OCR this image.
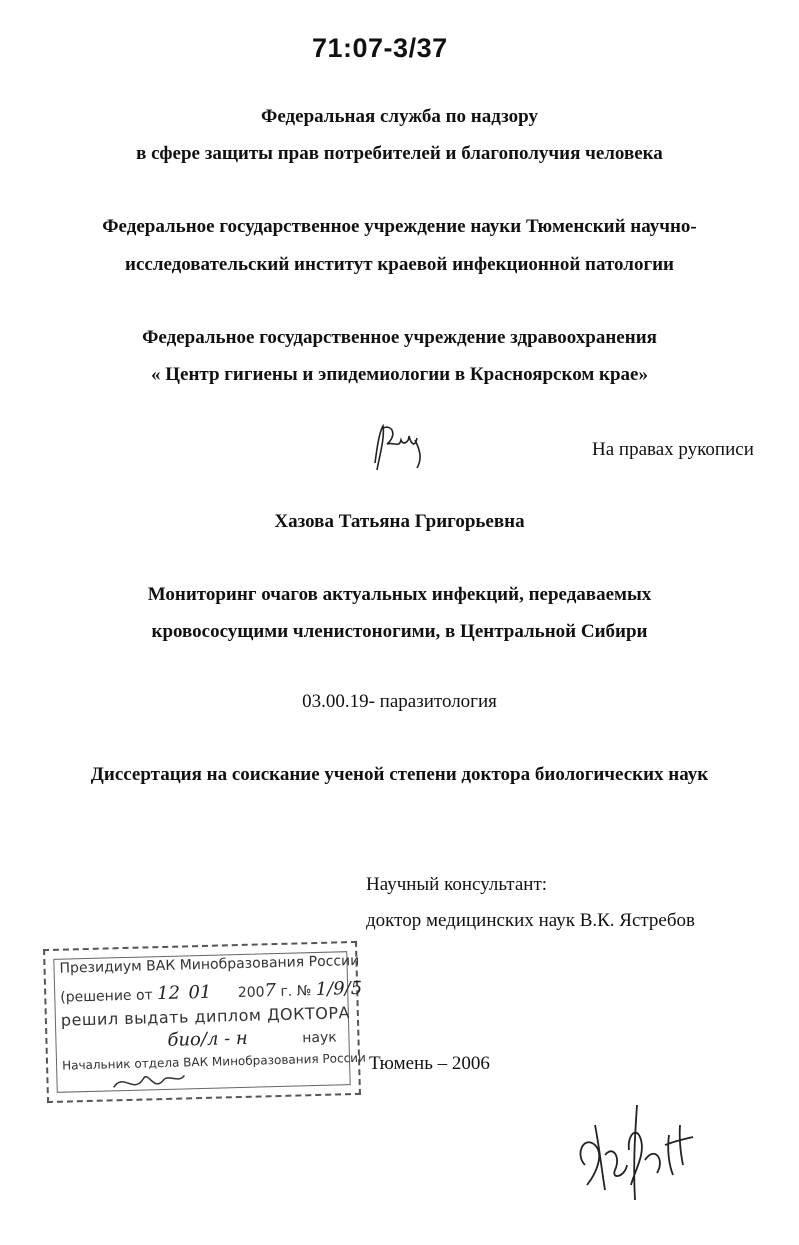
71:07-3/37
Федеральная служба по надзору
в сфере защиты прав потребителей и благополучия человека
Федеральное государственное учреждение науки Тюменский научно-
исследовательский институт краевой инфекционной патологии
Федеральное государственное учреждение здравоохранения
« Центр гигиены и эпидемиологии в Красноярском крае»
На правах рукописи
Хазова Татьяна Григорьевна
Мониторинг очагов актуальных инфекций, передаваемых
кровососущими членистоногими, в Центральной Сибири
03.00.19- паразитология
Диссертация на соискание ученой степени доктора биологических наук
Научный консультант:
доктор медицинских наук В.К. Ястребов
Президиум ВАК Минобразования России
(решение от 12 01 2007 г. № 1/9/5
решил выдать диплом ДОКТОРА
био/л - н	наук
Начальник отдела ВАК Минобразования России Тюмень – 2006
